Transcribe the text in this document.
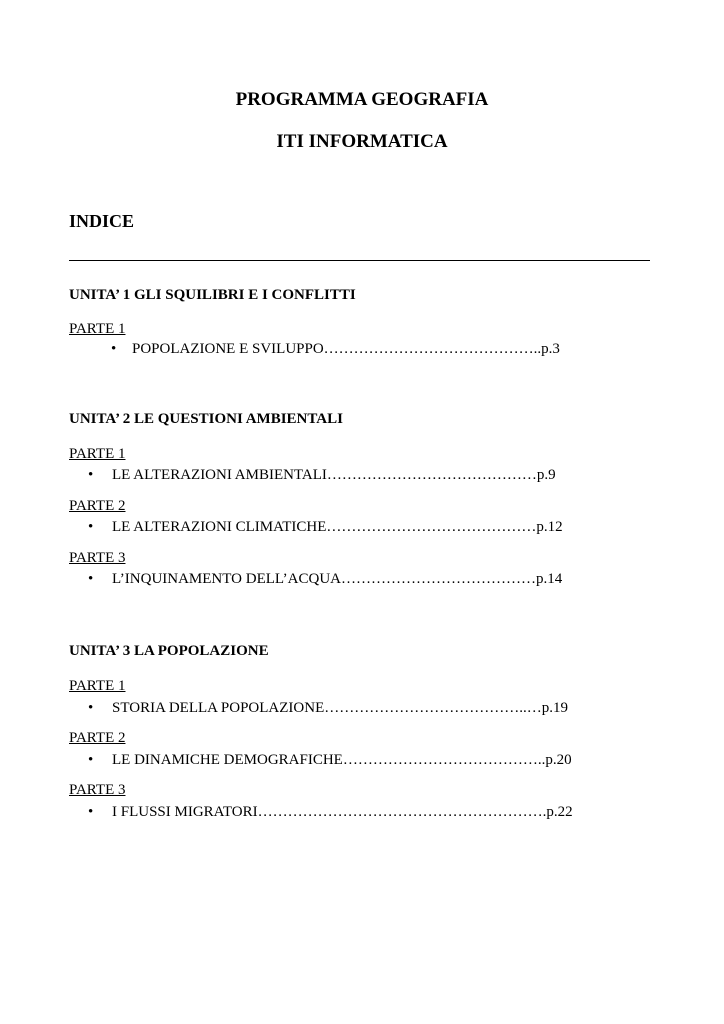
PROGRAMMA GEOGRAFIA
ITI INFORMATICA
INDICE
UNITA’ 1 GLI SQUILIBRI E I CONFLITTI
PARTE 1
• POPOLAZIONE E SVILUPPO……………………………………..p.3
UNITA’ 2 LE QUESTIONI AMBIENTALI
PARTE 1
• LE ALTERAZIONI AMBIENTALI……………………………………p.9
PARTE 2
• LE ALTERAZIONI CLIMATICHE……………………………………p.12
PARTE 3
• L’INQUINAMENTO DELL’ACQUA…………………………………p.14
UNITA’ 3 LA POPOLAZIONE
PARTE 1
• STORIA DELLA POPOLAZIONE…………………………………..…p.19
PARTE 2
• LE DINAMICHE DEMOGRAFICHE…………………………………..p.20
PARTE 3
• I FLUSSI MIGRATORI………………………………………………….p.22
